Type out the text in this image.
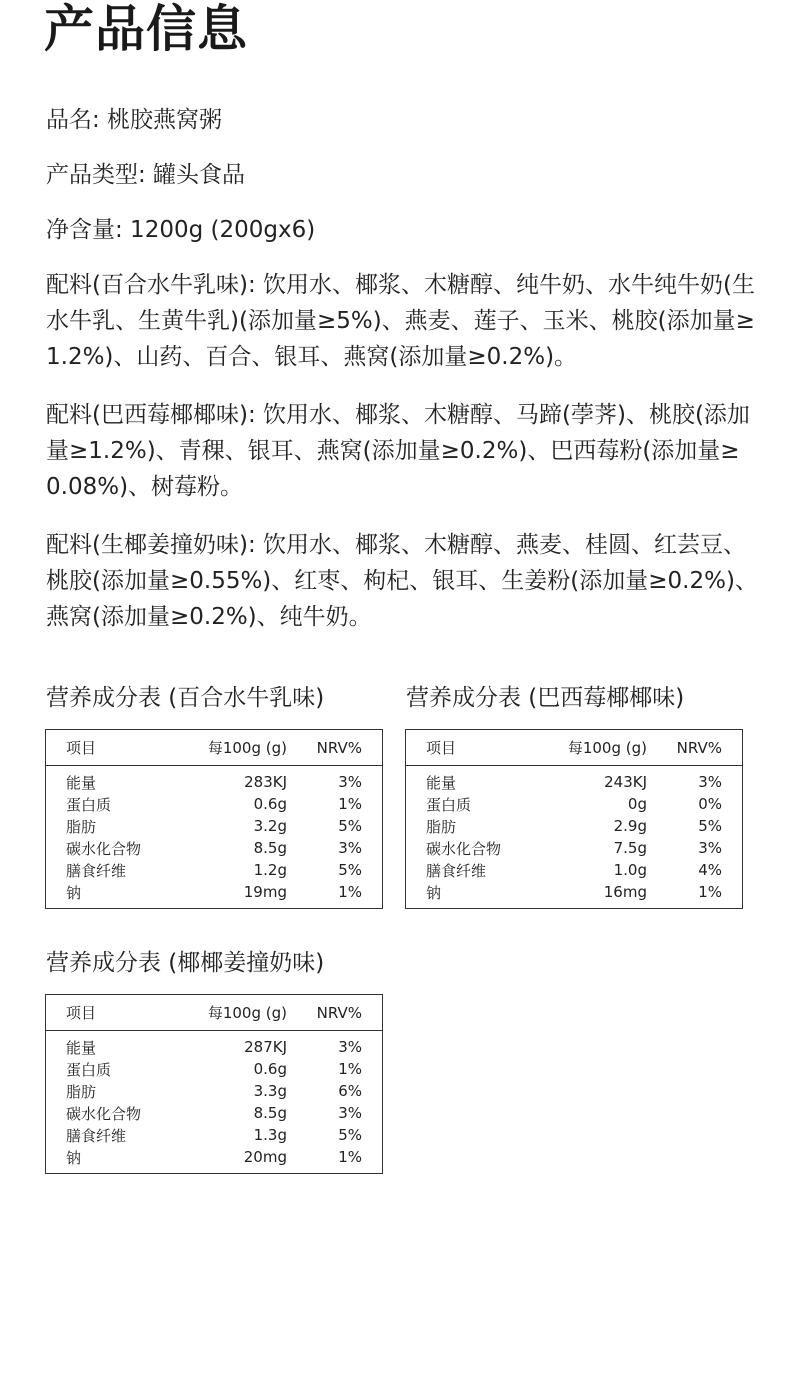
产品信息

品名: 桃胶燕窝粥

产品类型: 罐头食品

净含量: 1200g (200gx6)

配料(百合水牛乳味): 饮用水、椰浆、木糖醇、纯牛奶、水牛纯牛奶(生水牛乳、生黄牛乳)(添加量≥5%)、燕麦、莲子、玉米、桃胶(添加量≥1.2%)、山药、百合、银耳、燕窝(添加量≥0.2%)。

配料(巴西莓椰椰味): 饮用水、椰浆、木糖醇、马蹄(荸荠)、桃胶(添加量≥1.2%)、青稞、银耳、燕窝(添加量≥0.2%)、巴西莓粉(添加量≥0.08%)、树莓粉。

配料(生椰姜撞奶味): 饮用水、椰浆、木糖醇、燕麦、桂圆、红芸豆、桃胶(添加量≥0.55%)、红枣、枸杞、银耳、生姜粉(添加量≥0.2%)、燕窝(添加量≥0.2%)、纯牛奶。

营养成分表 (百合水牛乳味)
项目	每100g (g)	NRV%
能量	283KJ	3%
蛋白质	0.6g	1%
脂肪	3.2g	5%
碳水化合物	8.5g	3%
膳食纤维	1.2g	5%
钠	19mg	1%
营养成分表 (巴西莓椰椰味)
项目	每100g (g)	NRV%
能量	243KJ	3%
蛋白质	0g	0%
脂肪	2.9g	5%
碳水化合物	7.5g	3%
膳食纤维	1.0g	4%
钠	16mg	1%
营养成分表 (椰椰姜撞奶味)
项目	每100g (g)	NRV%
能量	287KJ	3%
蛋白质	0.6g	1%
脂肪	3.3g	6%
碳水化合物	8.5g	3%
膳食纤维	1.3g	5%
钠	20mg	1%
